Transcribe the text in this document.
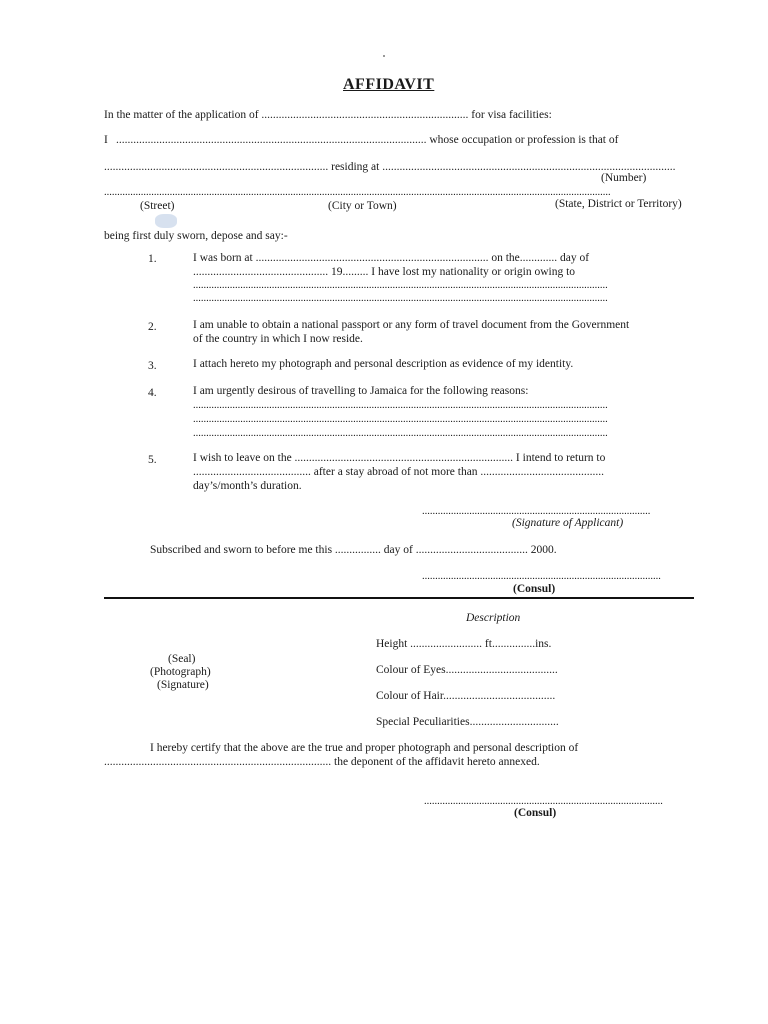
AFFIDAVIT
In the matter of the application of ........................................................................ for visa facilities:
I ............................................................................................................ whose occupation or profession is that of
.............................................................................. residing at ......................................................................................................
(Number)
.................................................................................................................................................................................................
(Street)	(City or Town)	(State, District or Territory)
being first duly sworn, depose and say:-
1.	I was born at ................................................................................. on the............. day of
............................................... 19......... I have lost my nationality or origin owing to
..............................................................................................................................................................
..............................................................................................................................................................
2.	I am unable to obtain a national passport or any form of travel document from the Government
of the country in which I now reside.
3.	I attach hereto my photograph and personal description as evidence of my identity.
4.	I am urgently desirous of travelling to Jamaica for the following reasons:
..............................................................................................................................................................
..............................................................................................................................................................
..............................................................................................................................................................
5.	I wish to leave on the ............................................................................ I intend to return to
......................................... after a stay abroad of not more than ...........................................
day’s/month’s duration.
.......................................................................................
(Signature of Applicant)
Subscribed and sworn to before me this ................ day of ....................................... 2000.
...........................................................................................
(Consul)
Description
Height ......................... ft...............ins.
Colour of Eyes.......................................
Colour of Hair.......................................
Special Peculiarities...............................
(Seal)
(Photograph)
(Signature)
I hereby certify that the above are the true and proper photograph and personal description of
............................................................................... the deponent of the affidavit hereto annexed.
...........................................................................................
(Consul)
